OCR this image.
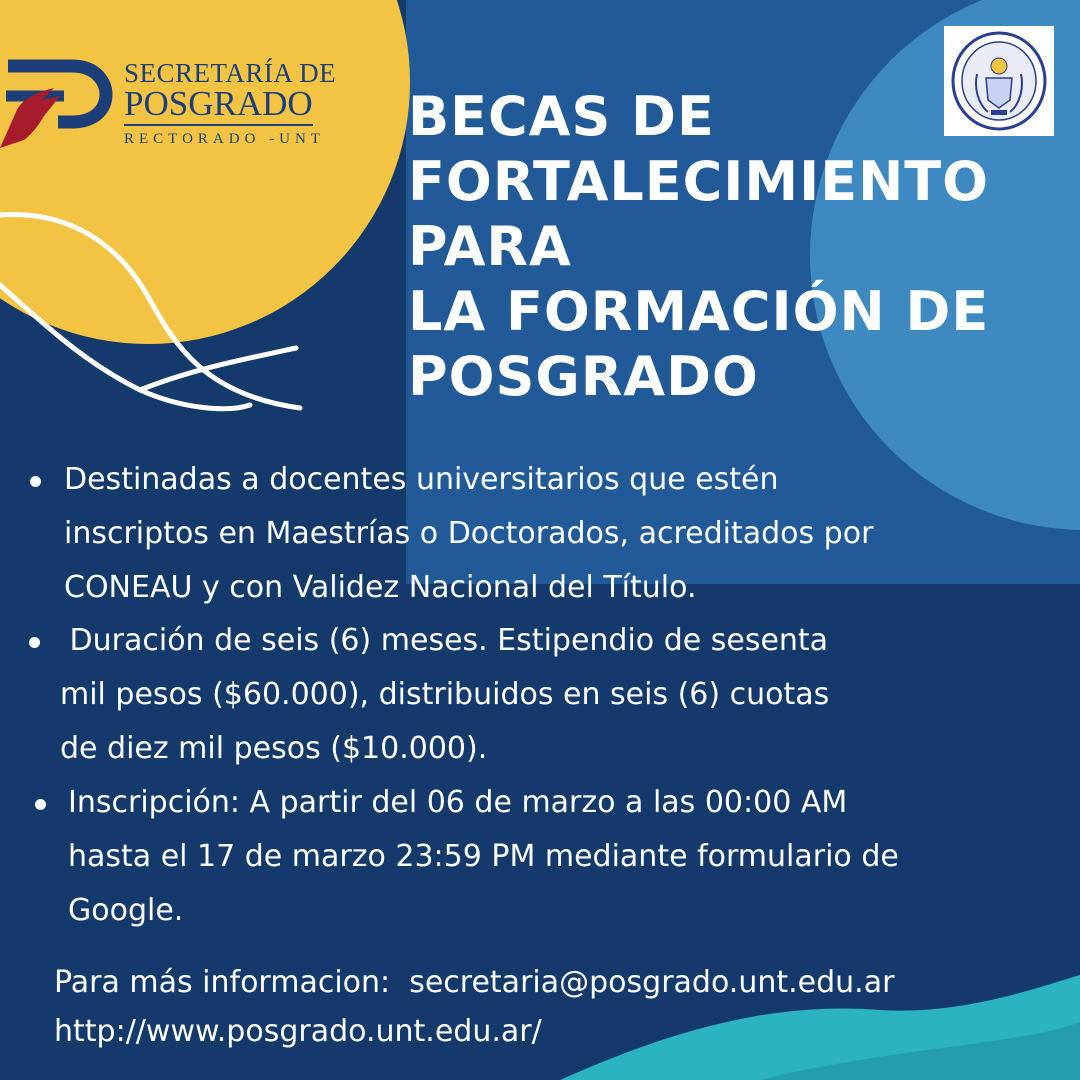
SECRETARÍA DE
POSGRADO
RECTORADO -UNT BECAS DE
FORTALECIMIENTO
PARA
LA FORMACIÓN DE
POSGRADO
Destinadas a docentes universitarios que estén
inscriptos en Maestrías o Doctorados, acreditados por
CONEAU y con Validez Nacional del Título.
Duración de seis (6) meses. Estipendio de sesenta
mil pesos ($60.000), distribuidos en seis (6) cuotas
de diez mil pesos ($10.000).
Inscripción: A partir del 06 de marzo a las 00:00 AM
hasta el 17 de marzo 23:59 PM mediante formulario de
Google.
Para más informacion:  secretaria@posgrado.unt.edu.ar
http://www.posgrado.unt.edu.ar/
